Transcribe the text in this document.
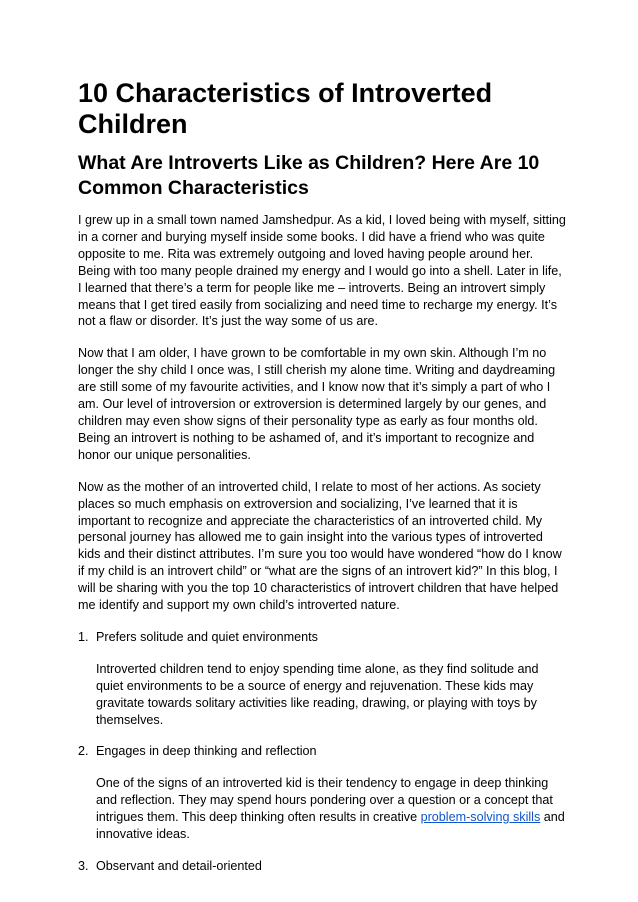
10 Characteristics of Introverted Children
What Are Introverts Like as Children? Here Are 10 Common Characteristics

I grew up in a small town named Jamshedpur. As a kid, I loved being with myself, sitting in a corner and burying myself inside some books. I did have a friend who was quite opposite to me. Rita was extremely outgoing and loved having people around her. Being with too many people drained my energy and I would go into a shell. Later in life, I learned that there’s a term for people like me – introverts. Being an introvert simply means that I get tired easily from socializing and need time to recharge my energy. It’s not a flaw or disorder. It’s just the way some of us are.

Now that I am older, I have grown to be comfortable in my own skin. Although I’m no longer the shy child I once was, I still cherish my alone time. Writing and daydreaming are still some of my favourite activities, and I know now that it’s simply a part of who I am. Our level of introversion or extroversion is determined largely by our genes, and children may even show signs of their personality type as early as four months old. Being an introvert is nothing to be ashamed of, and it’s important to recognize and honor our unique personalities.

Now as the mother of an introverted child, I relate to most of her actions. As society places so much emphasis on extroversion and socializing, I’ve learned that it is important to recognize and appreciate the characteristics of an introverted child. My personal journey has allowed me to gain insight into the various types of introverted kids and their distinct attributes. I’m sure you too would have wondered “how do I know if my child is an introvert child” or “what are the signs of an introvert kid?” In this blog, I will be sharing with you the top 10 characteristics of introvert children that have helped me identify and support my own child’s introverted nature.

1. Prefers solitude and quiet environments
Introverted children tend to enjoy spending time alone, as they find solitude and quiet environments to be a source of energy and rejuvenation. These kids may gravitate towards solitary activities like reading, drawing, or playing with toys by themselves.
2. Engages in deep thinking and reflection
One of the signs of an introverted kid is their tendency to engage in deep thinking and reflection. They may spend hours pondering over a question or a concept that intrigues them. This deep thinking often results in creative problem-solving skills and innovative ideas.
3. Observant and detail-oriented
